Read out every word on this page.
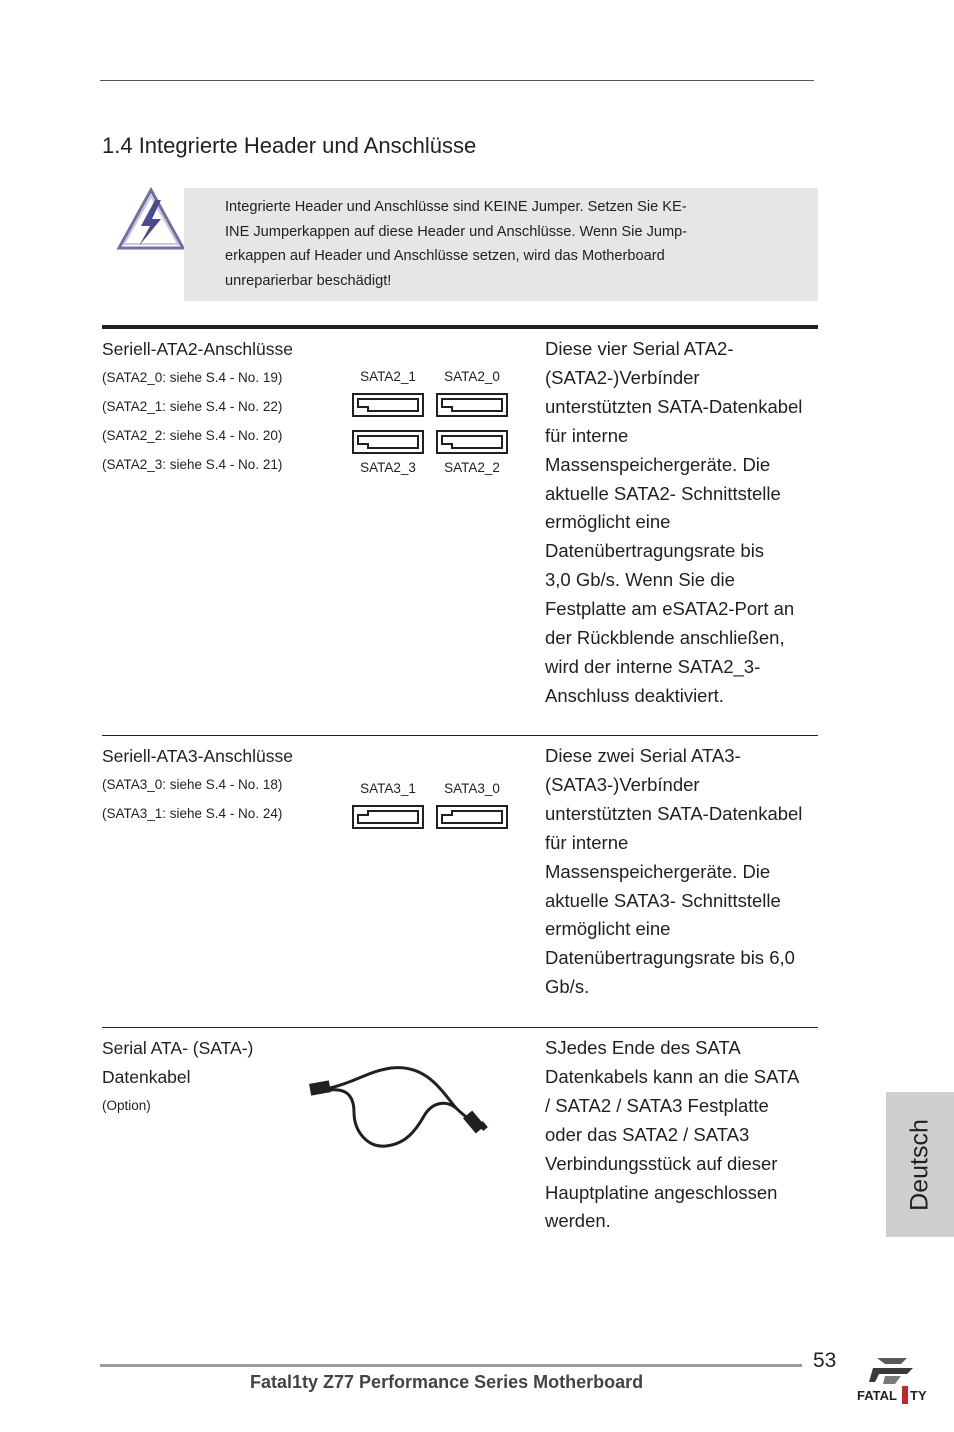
1.4 Integrierte Header und Anschlüsse
Integrierte Header und Anschlüsse sind KEINE Jumper. Setzen Sie KE-
INE Jumperkappen auf diese Header und Anschlüsse. Wenn Sie Jump-
erkappen auf Header und Anschlüsse setzen, wird das Motherboard
unreparierbar beschädigt!
Seriell-ATA2-Anschlüsse
(SATA2_0: siehe S.4 - No. 19)
(SATA2_1: siehe S.4 - No. 22)
(SATA2_2: siehe S.4 - No. 20)
(SATA2_3: siehe S.4 - No. 21)
SATA2_1	SATA2_0
SATA2_3	SATA2_2
Diese vier Serial ATA2-
(SATA2-)Verbínder
unterstützten SATA-Datenkabel
für interne
Massenspeichergeräte. Die
aktuelle SATA2- Schnittstelle
ermöglicht eine
Datenübertragungsrate bis
3,0 Gb/s. Wenn Sie die
Festplatte am eSATA2-Port an
der Rückblende anschließen,
wird der interne SATA2_3-
Anschluss deaktiviert.
Seriell-ATA3-Anschlüsse
(SATA3_0: siehe S.4 - No. 18)
(SATA3_1: siehe S.4 - No. 24)
SATA3_1	SATA3_0
Diese zwei Serial ATA3-
(SATA3-)Verbínder
unterstützten SATA-Datenkabel
für interne
Massenspeichergeräte. Die
aktuelle SATA3- Schnittstelle
ermöglicht eine
Datenübertragungsrate bis 6,0
Gb/s.
Serial ATA- (SATA-)
Datenkabel
(Option)
SJedes Ende des SATA
Datenkabels kann an die SATA
/ SATA2 / SATA3 Festplatte
oder das SATA2 / SATA3
Verbindungsstück auf dieser
Hauptplatine angeschlossen
werden.
Deutsch
53
Fatal1ty Z77 Performance Series Motherboard
FATAL TY
